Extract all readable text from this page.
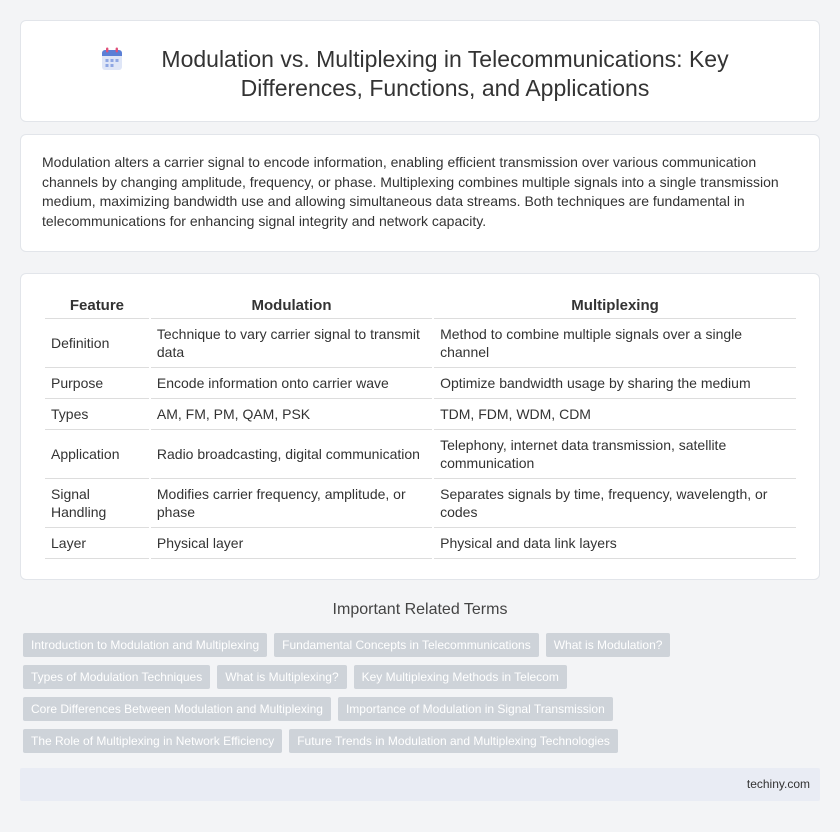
Modulation vs. Multiplexing in Telecommunications: Key Differences, Functions, and Applications

Modulation alters a carrier signal to encode information, enabling efficient transmission over various communication channels by changing amplitude, frequency, or phase. Multiplexing combines multiple signals into a single transmission medium, maximizing bandwidth use and allowing simultaneous data streams. Both techniques are fundamental in telecommunications for enhancing signal integrity and network capacity.

Feature	Modulation	Multiplexing
Definition	Technique to vary carrier signal to transmit data	Method to combine multiple signals over a single channel
Purpose	Encode information onto carrier wave	Optimize bandwidth usage by sharing the medium
Types	AM, FM, PM, QAM, PSK	TDM, FDM, WDM, CDM
Application	Radio broadcasting, digital communication	Telephony, internet data transmission, satellite communication
Signal Handling	Modifies carrier frequency, amplitude, or phase	Separates signals by time, frequency, wavelength, or codes
Layer	Physical layer	Physical and data link layers
Important Related Terms
Introduction to Modulation and Multiplexing	Fundamental Concepts in Telecommunications	What is Modulation?
Types of Modulation Techniques	What is Multiplexing?	Key Multiplexing Methods in Telecom
Core Differences Between Modulation and Multiplexing	Importance of Modulation in Signal Transmission
The Role of Multiplexing in Network Efficiency	Future Trends in Modulation and Multiplexing Technologies
techiny.com
